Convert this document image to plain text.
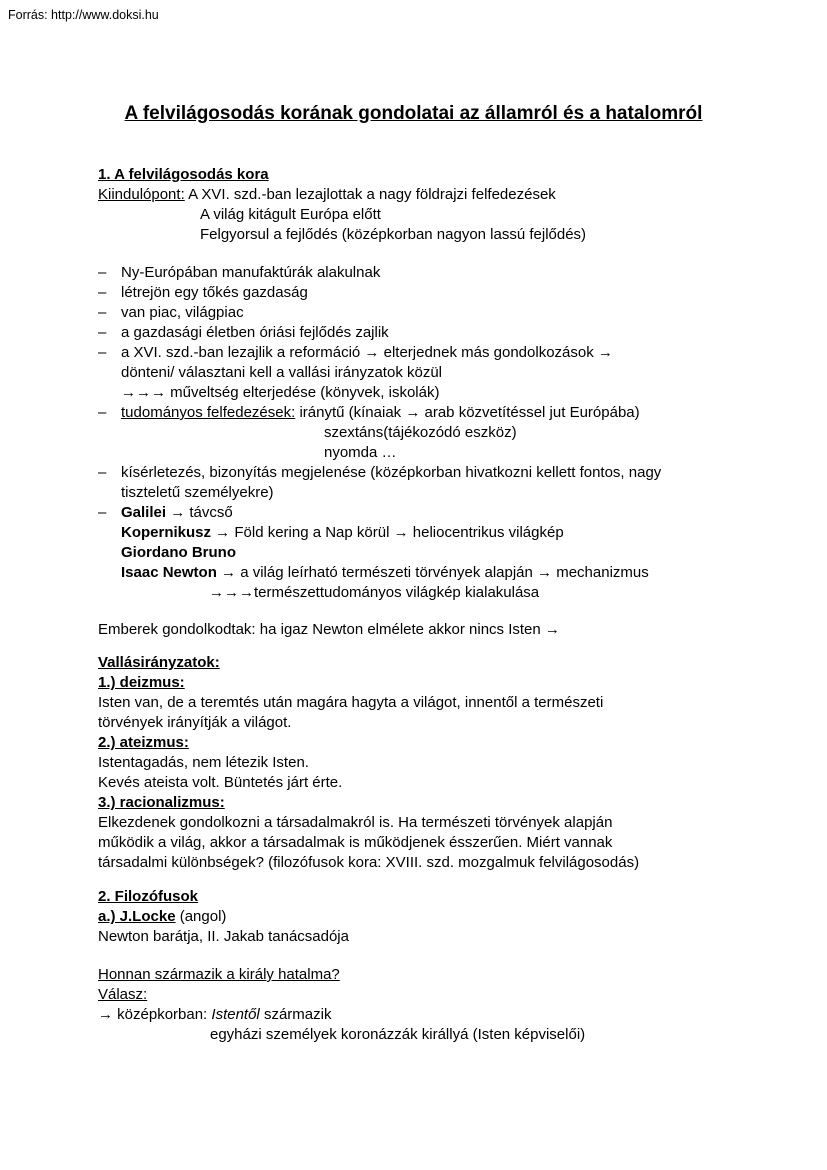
Forrás: http://www.doksi.hu
A felvilágosodás korának gondolatai az államról és a hatalomról
1. A felvilágosodás kora
Kiindulópont: A XVI. szd.-ban lezajlottak a nagy földrajzi felfedezések
A világ kitágult Európa előtt
Felgyorsul a fejlődés (középkorban nagyon lassú fejlődés)
– Ny-Európában manufaktúrák alakulnak
– létrejön egy tőkés gazdaság
– van piac, világpiac
– a gazdasági életben óriási fejlődés zajlik
– a XVI. szd.-ban lezajlik a reformáció → elterjednek más gondolkozások →
dönteni/ választani kell a vallási irányzatok közül
→→→ műveltség elterjedése (könyvek, iskolák)
– tudományos felfedezések: iránytű (kínaiak → arab közvetítéssel jut Európába)
szextáns(tájékozódó eszköz)
nyomda …
– kísérletezés, bizonyítás megjelenése (középkorban hivatkozni kellett fontos, nagy
tiszteletű személyekre)
– Galilei → távcső
Kopernikusz → Föld kering a Nap körül → heliocentrikus világkép
Giordano Bruno
Isaac Newton → a világ leírható természeti törvények alapján → mechanizmus
→→→természettudományos világkép kialakulása
Emberek gondolkodtak: ha igaz Newton elmélete akkor nincs Isten →
Vallásirányzatok:
1.) deizmus:
Isten van, de a teremtés után magára hagyta a világot, innentől a természeti
törvények irányítják a világot.
2.) ateizmus:
Istentagadás, nem létezik Isten.
Kevés ateista volt. Büntetés járt érte.
3.) racionalizmus:
Elkezdenek gondolkozni a társadalmakról is. Ha természeti törvények alapján
működik a világ, akkor a társadalmak is működjenek ésszerűen. Miért vannak
társadalmi különbségek? (filozófusok kora: XVIII. szd. mozgalmuk felvilágosodás)
2. Filozófusok
a.) J.Locke (angol)
Newton barátja, II. Jakab tanácsadója
Honnan származik a király hatalma?
Válasz:
→ középkorban: Istentől származik
egyházi személyek koronázzák királlyá (Isten képviselői)
